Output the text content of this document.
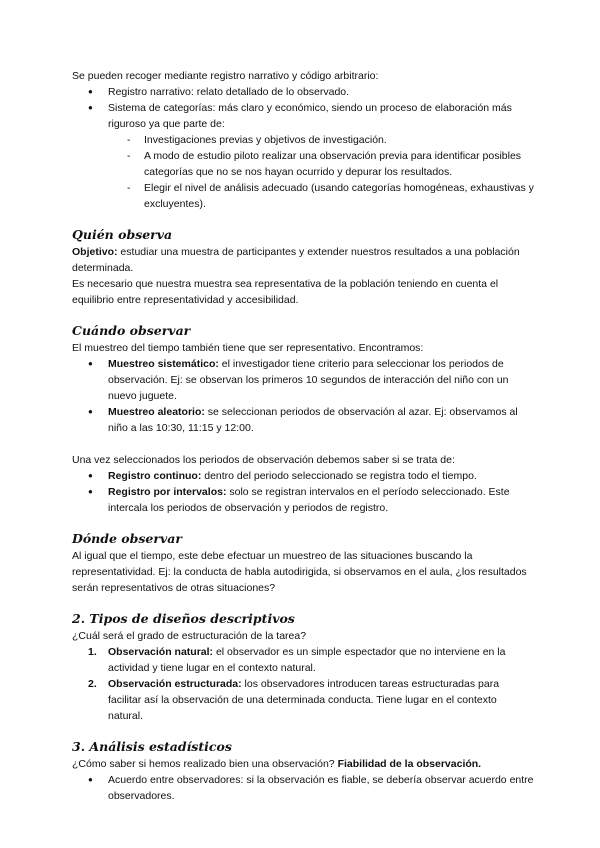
Se pueden recoger mediante registro narrativo y código arbitrario:

● Registro narrativo: relato detallado de lo observado.
● Sistema de categorías: más claro y económico, siendo un proceso de elaboración más riguroso ya que parte de:
- Investigaciones previas y objetivos de investigación.
- A modo de estudio piloto realizar una observación previa para identificar posibles categorías que no se nos hayan ocurrido y depurar los resultados.
- Elegir el nivel de análisis adecuado (usando categorías homogéneas, exhaustivas y excluyentes).
Quién observa

Objetivo: estudiar una muestra de participantes y extender nuestros resultados a una población determinada.

Es necesario que nuestra muestra sea representativa de la población teniendo en cuenta el equilibrio entre representatividad y accesibilidad.

Cuándo observar

El muestreo del tiempo también tiene que ser representativo. Encontramos:

● Muestreo sistemático: el investigador tiene criterio para seleccionar los periodos de observación. Ej: se observan los primeros 10 segundos de interacción del niño con un nuevo juguete.
● Muestreo aleatorio: se seleccionan periodos de observación al azar. Ej: observamos al niño a las 10:30, 11:15 y 12:00.

Una vez seleccionados los periodos de observación debemos saber si se trata de:

● Registro continuo: dentro del periodo seleccionado se registra todo el tiempo.
● Registro por intervalos: solo se registran intervalos en el período seleccionado. Este intercala los periodos de observación y periodos de registro.
Dónde observar

Al igual que el tiempo, este debe efectuar un muestreo de las situaciones buscando la representatividad. Ej: la conducta de habla autodirigida, si observamos en el aula, ¿los resultados serán representativos de otras situaciones?

2. Tipos de diseños descriptivos

¿Cuál será el grado de estructuración de la tarea?

1. Observación natural: el observador es un simple espectador que no interviene en la actividad y tiene lugar en el contexto natural.
2. Observación estructurada: los observadores introducen tareas estructuradas para facilitar así la observación de una determinada conducta. Tiene lugar en el contexto natural.
3. Análisis estadísticos

¿Cómo saber si hemos realizado bien una observación? Fiabilidad de la observación.

● Acuerdo entre observadores: si la observación es fiable, se debería observar acuerdo entre observadores.
